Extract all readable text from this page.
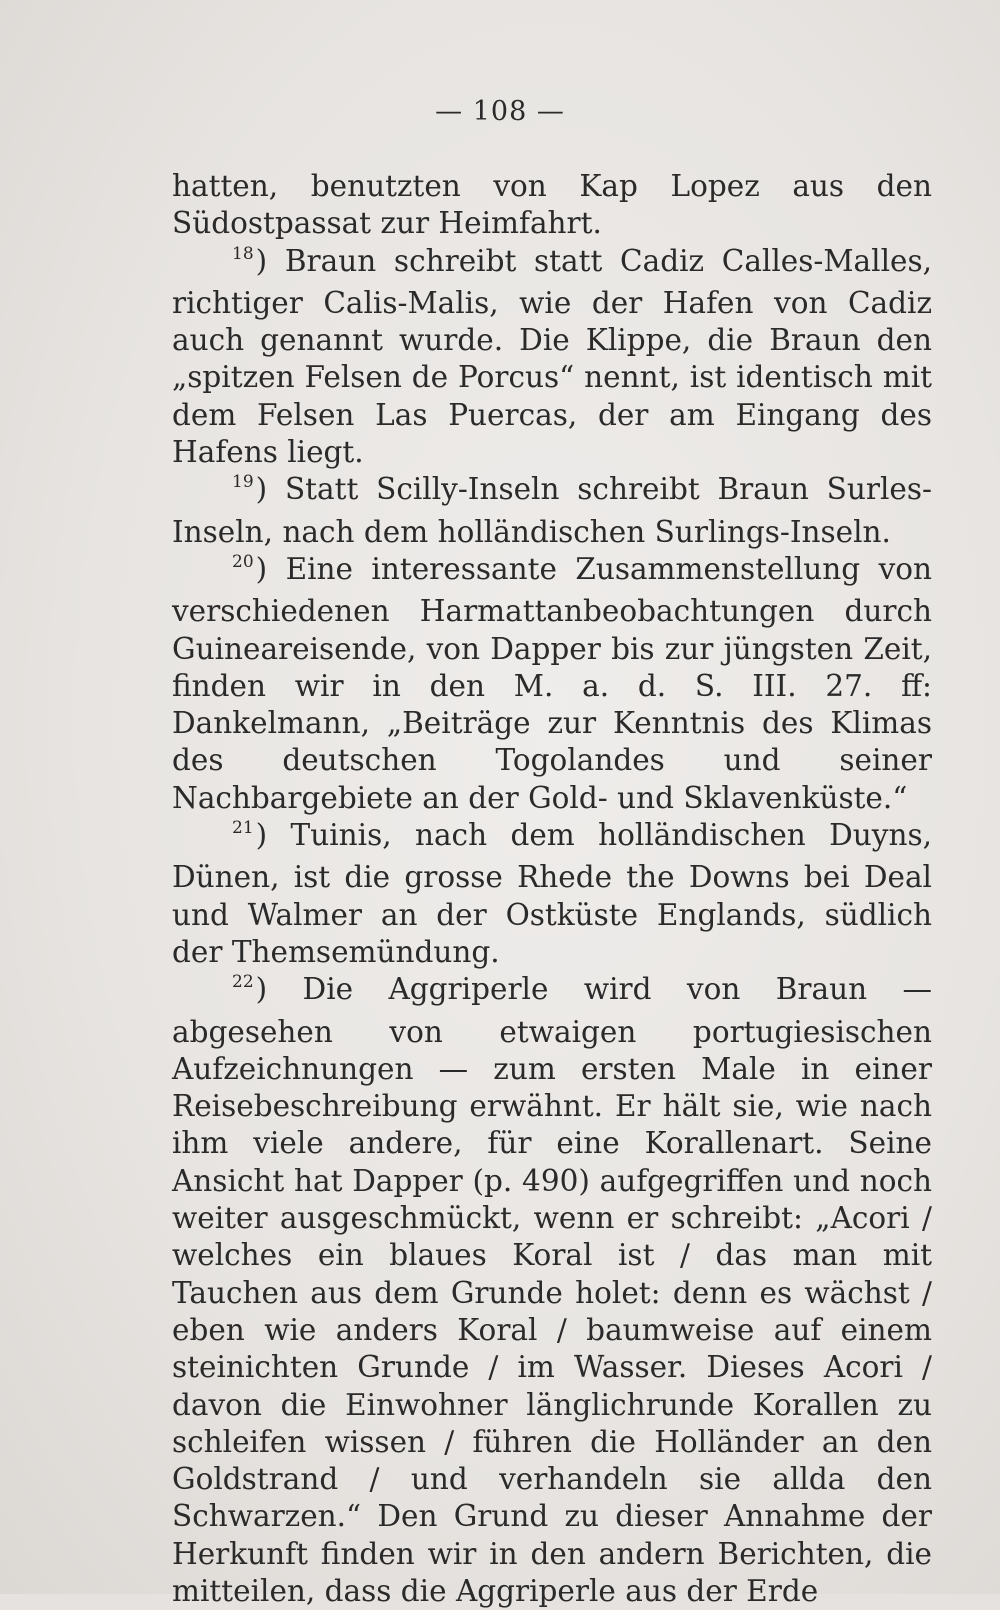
— 108 —

hatten, benutzten von Kap Lopez aus den Südostpassat zur Heimfahrt.

$^{18}$) Braun schreibt statt Cadiz Calles-Malles, richtiger Calis-Malis, wie der Hafen von Cadiz auch genannt wurde. Die Klippe, die Braun den „spitzen Felsen de Porcus“ nennt, ist identisch mit dem Felsen Las Puercas, der am Eingang des Hafens liegt.

$^{19}$) Statt Scilly-Inseln schreibt Braun Surles-Inseln, nach dem holländischen Surlings-Inseln.

$^{20}$) Eine interessante Zusammenstellung von verschiedenen Harmattanbeobachtungen durch Guineareisende, von Dapper bis zur jüngsten Zeit, finden wir in den M. a. d. S. III. 27. ff: Dankelmann, „Beiträge zur Kenntnis des Klimas des deutschen Togolandes und seiner Nachbargebiete an der Gold- und Sklavenküste.“

$^{21}$) Tuinis, nach dem holländischen Duyns, Dünen, ist die grosse Rhede the Downs bei Deal und Walmer an der Ostküste Englands, südlich der Themsemündung.

$^{22}$) Die Aggriperle wird von Braun — abgesehen von etwaigen portugiesischen Aufzeichnungen — zum ersten Male in einer Reisebeschreibung erwähnt. Er hält sie, wie nach ihm viele andere, für eine Korallenart. Seine Ansicht hat Dapper (p. 490) aufgegriffen und noch weiter ausgeschmückt, wenn er schreibt: „Acori / welches ein blaues Koral ist / das man mit Tauchen aus dem Grunde holet: denn es wächst / eben wie anders Koral / baumweise auf einem steinichten Grunde / im Wasser. Dieses Acori / davon die Einwohner länglichrunde Korallen zu schleifen wissen / führen die Holländer an den Goldstrand / und verhandeln sie allda den Schwarzen.“ Den Grund zu dieser Annahme der Herkunft finden wir in den andern Berichten, die mitteilen, dass die Aggriperle aus der Erde
